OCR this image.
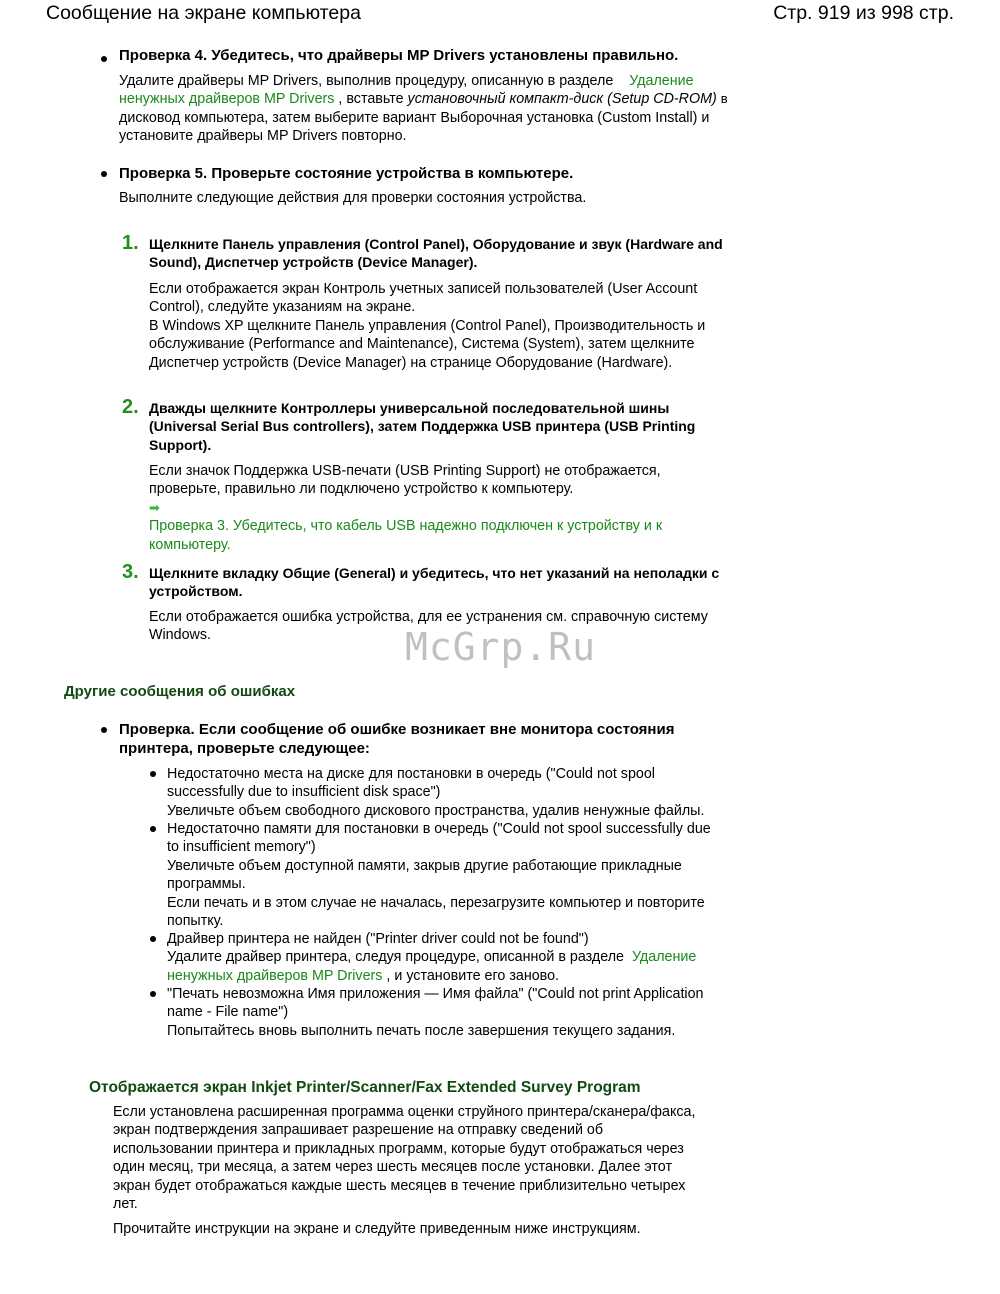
Сообщение на экране компьютера	Стр. 919 из 998 стр.
Проверка 4. Убедитесь, что драйверы MP Drivers установлены правильно.
Удалите драйверы MP Drivers, выполнив процедуру, описанную в разделе Удаление
ненужных драйверов MP Drivers , вставьте установочный компакт-диск (Setup CD-ROM) в
дисковод компьютера, затем выберите вариант Выборочная установка (Custom Install) и
установите драйверы MP Drivers повторно.
Проверка 5. Проверьте состояние устройства в компьютере.
Выполните следующие действия для проверки состояния устройства.
1. Щелкните Панель управления (Control Panel), Оборудование и звук (Hardware and
Sound), Диспетчер устройств (Device Manager).
Если отображается экран Контроль учетных записей пользователей (User Account
Control), следуйте указаниям на экране.
В Windows XP щелкните Панель управления (Control Panel), Производительность и
обслуживание (Performance and Maintenance), Система (System), затем щелкните
Диспетчер устройств (Device Manager) на странице Оборудование (Hardware).
2. Дважды щелкните Контроллеры универсальной последовательной шины
(Universal Serial Bus controllers), затем Поддержка USB принтера (USB Printing
Support).
Если значок Поддержка USB-печати (USB Printing Support) не отображается,
проверьте, правильно ли подключено устройство к компьютеру.
➡
Проверка 3. Убедитесь, что кабель USB надежно подключен к устройству и к
компьютеру.
3. Щелкните вкладку Общие (General) и убедитесь, что нет указаний на неполадки с
устройством.
Если отображается ошибка устройства, для ее устранения см. справочную систему
Windows.	McGrp.Ru
Другие сообщения об ошибках
Проверка. Если сообщение об ошибке возникает вне монитора состояния
принтера, проверьте следующее:
Недостаточно места на диске для постановки в очередь ("Could not spool
successfully due to insufficient disk space")
Увеличьте объем свободного дискового пространства, удалив ненужные файлы.
Недостаточно памяти для постановки в очередь ("Could not spool successfully due
to insufficient memory")
Увеличьте объем доступной памяти, закрыв другие работающие прикладные
программы.
Если печать и в этом случае не началась, перезагрузите компьютер и повторите
попытку.
Драйвер принтера не найден ("Printer driver could not be found")
Удалите драйвер принтера, следуя процедуре, описанной в разделе Удаление
ненужных драйверов MP Drivers , и установите его заново.
"Печать невозможна Имя приложения — Имя файла" ("Could not print Application
name - File name")
Попытайтесь вновь выполнить печать после завершения текущего задания.
Отображается экран Inkjet Printer/Scanner/Fax Extended Survey Program
Если установлена расширенная программа оценки струйного принтера/сканера/факса,
экран подтверждения запрашивает разрешение на отправку сведений об
использовании принтера и прикладных программ, которые будут отображаться через
один месяц, три месяца, а затем через шесть месяцев после установки. Далее этот
экран будет отображаться каждые шесть месяцев в течение приблизительно четырех
лет.
Прочитайте инструкции на экране и следуйте приведенным ниже инструкциям.
